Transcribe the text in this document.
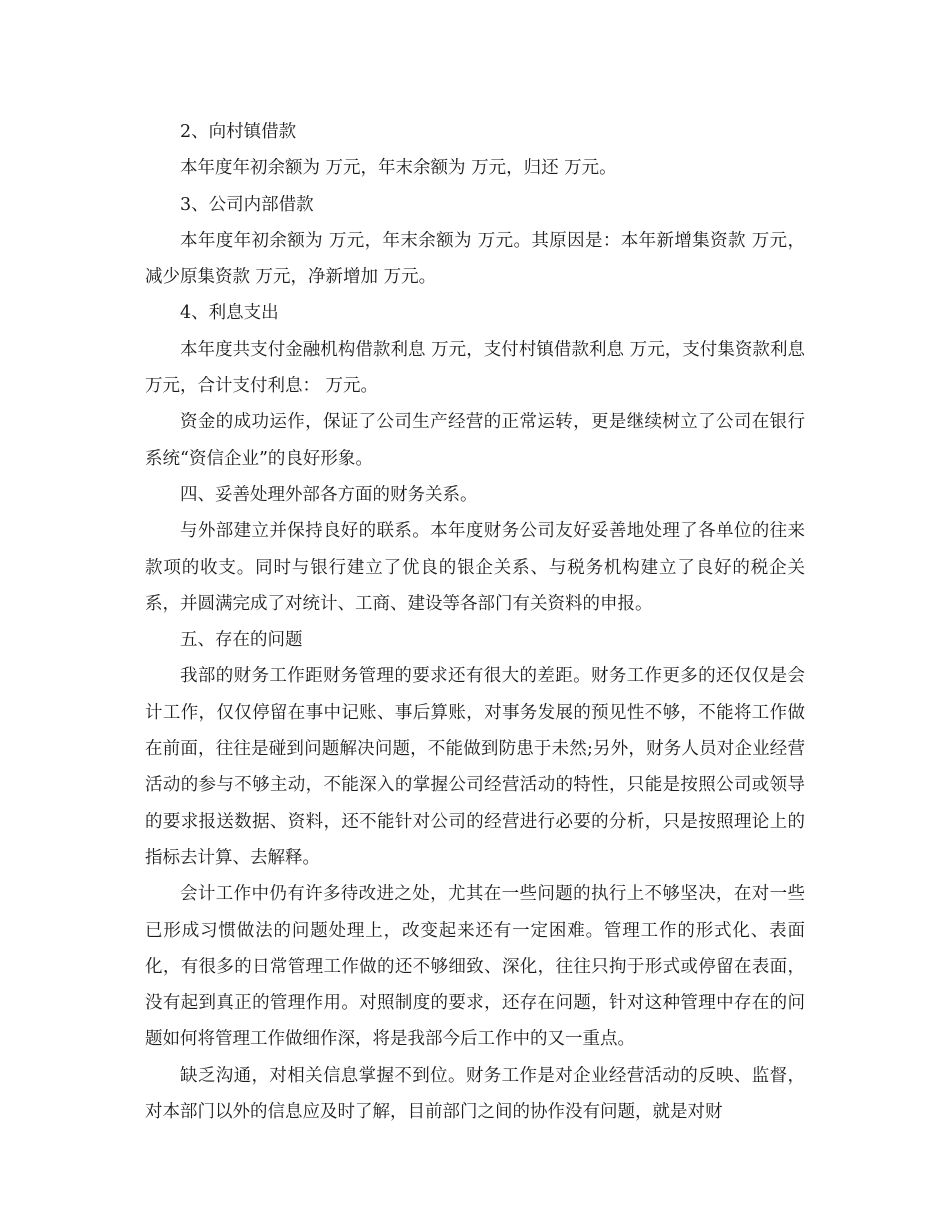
2、向村镇借款

本年度年初余额为 万元，年末余额为 万元，归还 万元。

3、公司内部借款

本年度年初余额为 万元，年末余额为 万元。其原因是：本年新增集资款 万元，减少原集资款 万元，净新增加 万元。

4、利息支出

本年度共支付金融机构借款利息 万元，支付村镇借款利息 万元，支付集资款利息 万元，合计支付利息： 万元。

资金的成功运作，保证了公司生产经营的正常运转，更是继续树立了公司在银行系统“资信企业”的良好形象。

四、妥善处理外部各方面的财务关系。

与外部建立并保持良好的联系。本年度财务公司友好妥善地处理了各单位的往来款项的收支。同时与银行建立了优良的银企关系、与税务机构建立了良好的税企关系，并圆满完成了对统计、工商、建设等各部门有关资料的申报。

五、存在的问题

我部的财务工作距财务管理的要求还有很大的差距。财务工作更多的还仅仅是会计工作，仅仅停留在事中记账、事后算账，对事务发展的预见性不够，不能将工作做在前面，往往是碰到问题解决问题，不能做到防患于未然;另外，财务人员对企业经营活动的参与不够主动，不能深入的掌握公司经营活动的特性，只能是按照公司或领导的要求报送数据、资料，还不能针对公司的经营进行必要的分析，只是按照理论上的指标去计算、去解释。

会计工作中仍有许多待改进之处，尤其在一些问题的执行上不够坚决，在对一些已形成习惯做法的问题处理上，改变起来还有一定困难。管理工作的形式化、表面化，有很多的日常管理工作做的还不够细致、深化，往往只拘于形式或停留在表面，没有起到真正的管理作用。对照制度的要求，还存在问题，针对这种管理中存在的问题如何将管理工作做细作深，将是我部今后工作中的又一重点。

缺乏沟通，对相关信息掌握不到位。财务工作是对企业经营活动的反映、监督，对本部门以外的信息应及时了解，目前部门之间的协作没有问题，就是对财
